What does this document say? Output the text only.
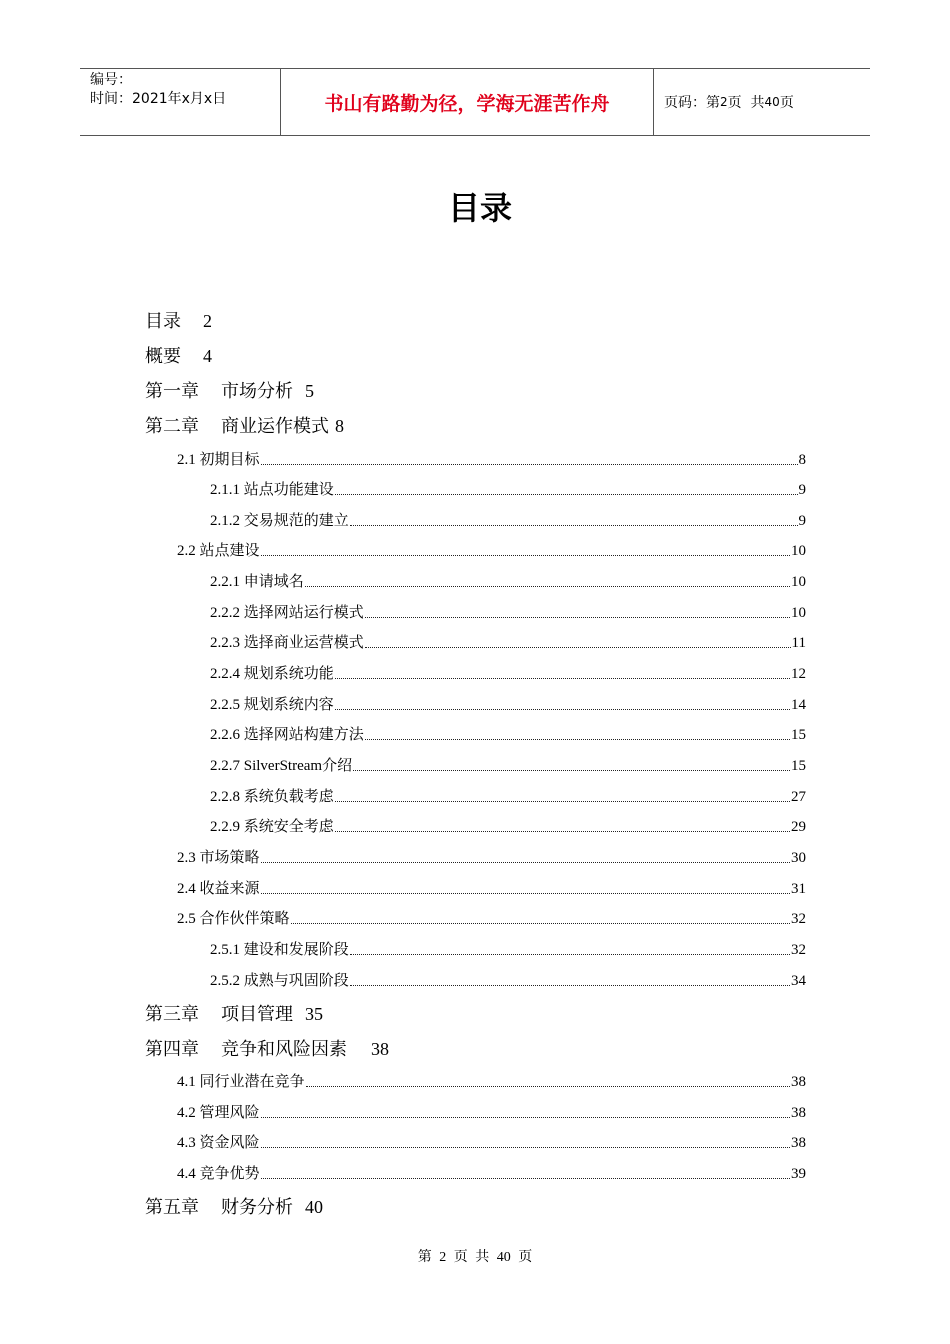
编号：
时间：2021年x月x日	书山有路勤为径，学海无涯苦作舟	页码：第 2 页  共 40 页
目录
目录 2
概要 4
第一章 市场分析 5
第二章 商业运作模式 8
2.1 初期目标	8
2.1.1 站点功能建设	9
2.1.2 交易规范的建立	9
2.2 站点建设	10
2.2.1 申请域名	10
2.2.2 选择网站运行模式	10
2.2.3 选择商业运营模式	11
2.2.4 规划系统功能	12
2.2.5 规划系统内容	14
2.2.6 选择网站构建方法	15
2.2.7 SilverStream介绍	15
2.2.8 系统负载考虑	27
2.2.9 系统安全考虑	29
2.3 市场策略	30
2.4 收益来源	31
2.5 合作伙伴策略	32
2.5.1 建设和发展阶段	32
2.5.2 成熟与巩固阶段	34
第三章 项目管理 35
第四章 竞争和风险因素 38
4.1 同行业潜在竞争	38
4.2 管理风险	38
4.3 资金风险	38
4.4 竞争优势	39
第五章 财务分析 40
第 2 页 共 40 页
